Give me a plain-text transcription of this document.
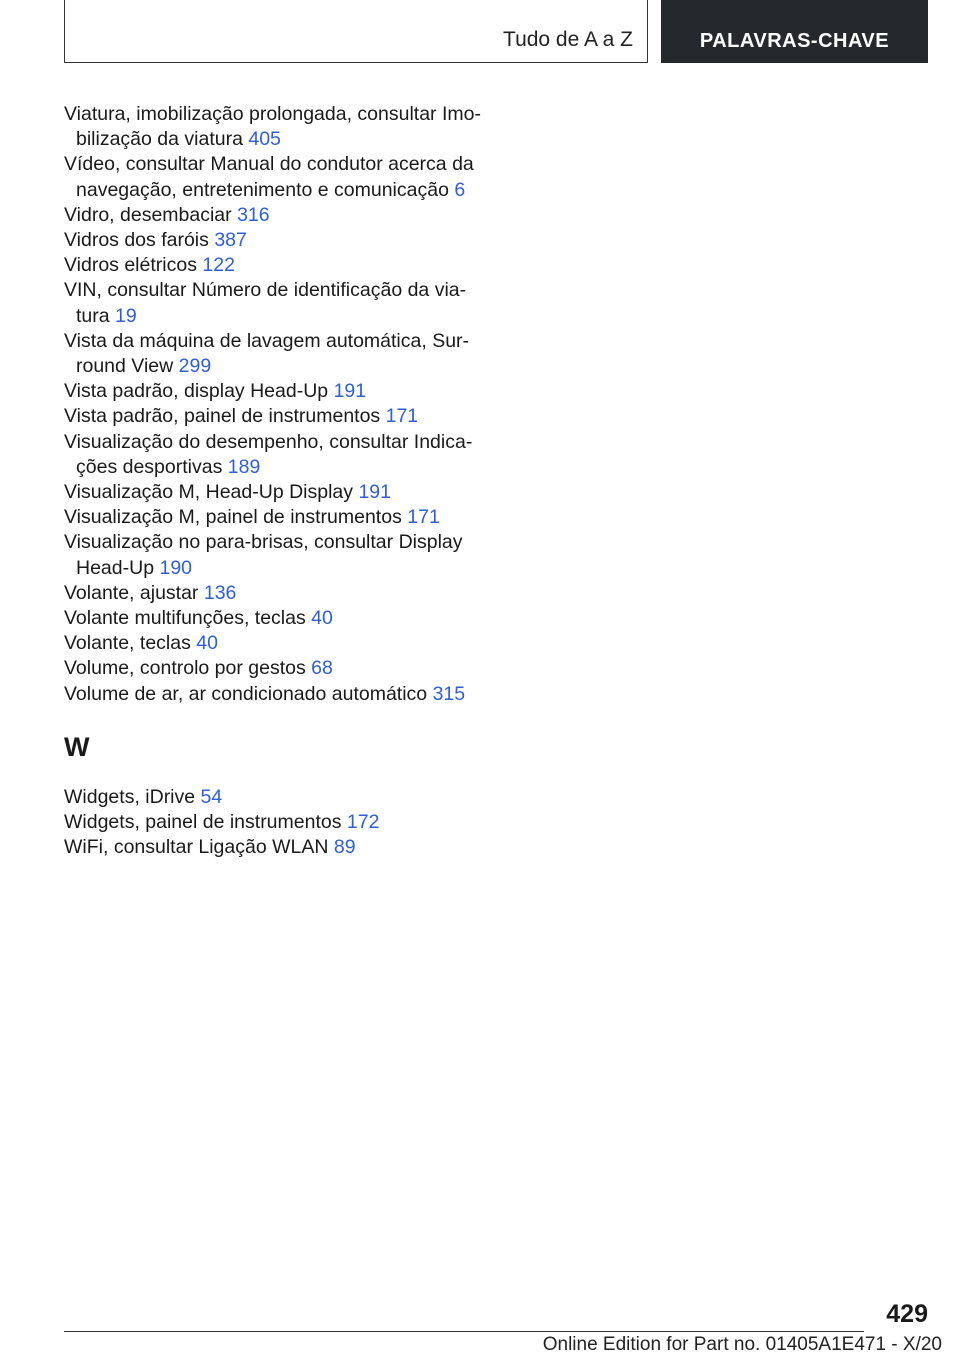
Tudo de A a Z	PALAVRAS-CHAVE

Viatura, imobilização prolongada, consultar Imo-bilização da viatura 405

Vídeo, consultar Manual do condutor acerca da navegação, entretenimento e comunicação 6

Vidro, desembaciar 316

Vidros dos faróis 387

Vidros elétricos 122

VIN, consultar Número de identificação da via-tura 19

Vista da máquina de lavagem automática, Sur-round View 299

Vista padrão, display Head-Up 191

Vista padrão, painel de instrumentos 171

Visualização do desempenho, consultar Indica-ções desportivas 189

Visualização M, Head-Up Display 191

Visualização M, painel de instrumentos 171

Visualização no para-brisas, consultar Display Head-Up 190

Volante, ajustar 136

Volante multifunções, teclas 40

Volante, teclas 40

Volume, controlo por gestos 68

Volume de ar, ar condicionado automático 315

W

Widgets, iDrive 54

Widgets, painel de instrumentos 172

WiFi, consultar Ligação WLAN 89

429
Online Edition for Part no. 01405A1E471 - X/20
